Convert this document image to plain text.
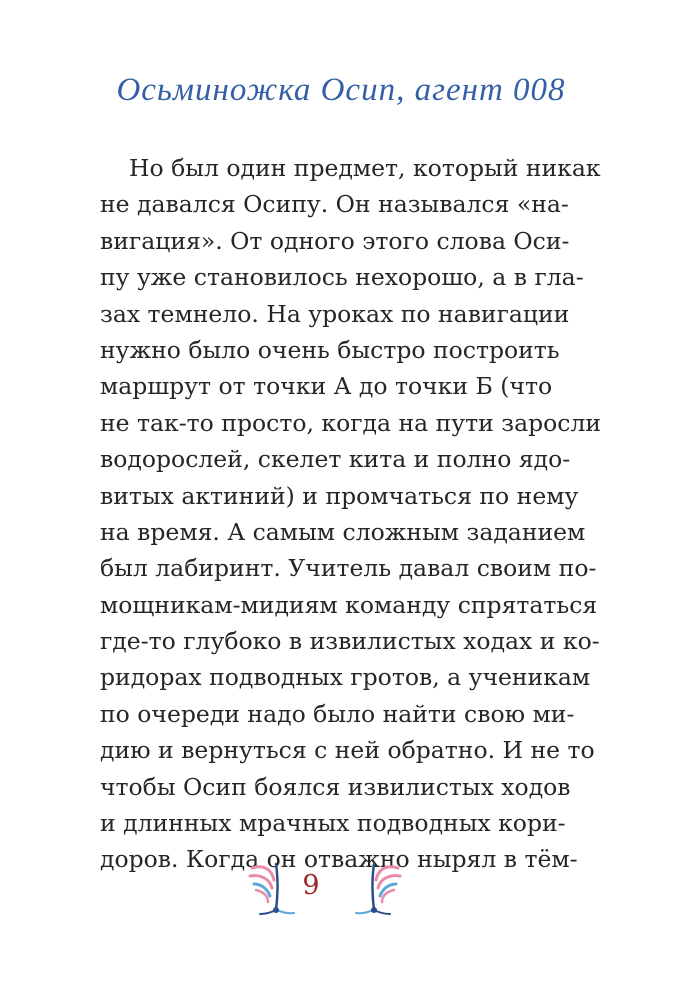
Осьминожка Осип, агент 008
Но был один предмет, который никак
не давался Осипу. Он назывался «на-
вигация». От одного этого слова Оси-
пу уже становилось нехорошо, а в гла-
зах темнело. На уроках по навигации
нужно было очень быстро построить
маршрут от точки А до точки Б (что
не так-то просто, когда на пути заросли
водорослей, скелет кита и полно ядо-
витых актиний) и промчаться по нему
на время. А самым сложным заданием
был лабиринт. Учитель давал своим по-
мощникам-мидиям команду спрятаться
где-то глубоко в извилистых ходах и ко-
ридорах подводных гротов, а ученикам
по очереди надо было найти свою ми-
дию и вернуться с ней обратно. И не то
чтобы Осип боялся извилистых ходов
и длинных мрачных подводных кори-
доров. Когда он отважно нырял в тём-
9
